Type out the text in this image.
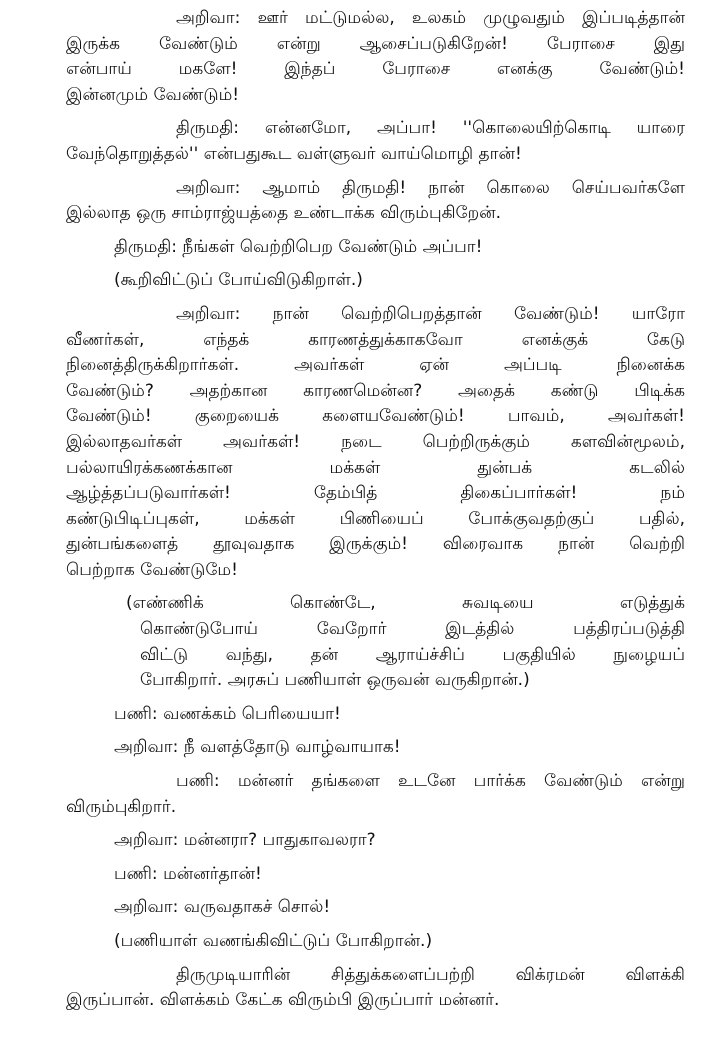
அறிவா: ஊர் மட்டுமல்ல, உலகம் முழுவதும் இப்படித்தான்
இருக்க வேண்டும் என்று ஆசைப்படுகிறேன்! பேராசை இது
என்பாய் மகளே! இந்தப் பேராசை எனக்கு வேண்டும்!
இன்னமும் வேண்டும்!

திருமதி: என்னமோ, அப்பா! ''கொலையிற்கொடி யாரை
வேந்தொறுத்தல்'' என்பதுகூட வள்ளுவர் வாய்மொழி தான்!

அறிவா: ஆமாம் திருமதி! நான் கொலை செய்பவர்களே
இல்லாத ஒரு சாம்ராஜ்யத்தை உண்டாக்க விரும்புகிறேன்.

திருமதி: நீங்கள் வெற்றிபெற வேண்டும் அப்பா!

(கூறிவிட்டுப் போய்விடுகிறாள்.)

அறிவா: நான் வெற்றிபெறத்தான் வேண்டும்! யாரோ
வீணர்கள், எந்தக் காரணத்துக்காகவோ எனக்குக் கேடு
நினைத்திருக்கிறார்கள். அவர்கள் ஏன் அப்படி நினைக்க
வேண்டும்? அதற்கான காரணமென்ன? அதைக் கண்டு பிடிக்க
வேண்டும்! குறையைக் களையவேண்டும்! பாவம், அவர்கள்!
இல்லாதவர்கள் அவர்கள்! நடை பெற்றிருக்கும் களவின்மூலம்,
பல்லாயிரக்கணக்கான மக்கள் துன்பக் கடலில்
ஆழ்த்தப்படுவார்கள்! தேம்பித் திகைப்பார்கள்! நம்
கண்டுபிடிப்புகள், மக்கள் பிணியைப் போக்குவதற்குப் பதில்,
துன்பங்களைத் தூவுவதாக இருக்கும்! விரைவாக நான் வெற்றி
பெற்றாக வேண்டுமே!

(எண்ணிக் கொண்டே, சுவடியை எடுத்துக்
கொண்டுபோய் வேறோர் இடத்தில் பத்திரப்படுத்தி
விட்டு வந்து, தன் ஆராய்ச்சிப் பகுதியில் நுழையப்
போகிறார். அரசுப் பணியாள் ஒருவன் வருகிறான்.)

பணி: வணக்கம் பெரியையா!

அறிவா: நீ வளத்தோடு வாழ்வாயாக!

பணி: மன்னர் தங்களை உடனே பார்க்க வேண்டும் என்று
விரும்புகிறார்.

அறிவா: மன்னரா? பாதுகாவலரா?

பணி: மன்னர்தான்!

அறிவா: வருவதாகச் சொல்!

(பணியாள் வணங்கிவிட்டுப் போகிறான்.)

திருமுடியாரின் சித்துக்களைப்பற்றி விக்ரமன் விளக்கி
இருப்பான். விளக்கம் கேட்க விரும்பி இருப்பார் மன்னர்.
